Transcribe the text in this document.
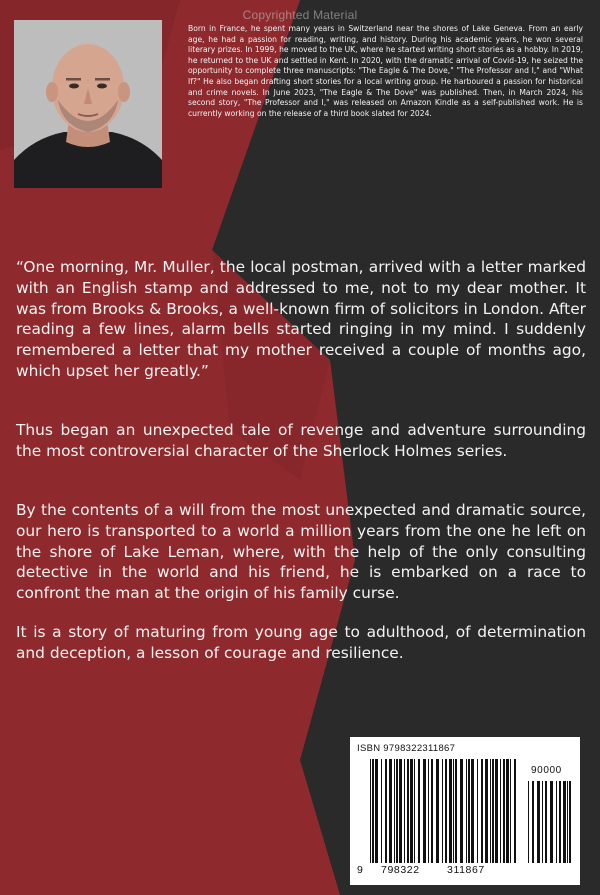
Copyrighted Material

Born in France, he spent many years in Switzerland near the shores of Lake Geneva. From an early age, he had a passion for reading, writing, and history. During his academic years, he won several literary prizes. In 1999, he moved to the UK, where he started writing short stories as a hobby. In 2019, he returned to the UK and settled in Kent. In 2020, with the dramatic arrival of Covid-19, he seized the opportunity to complete three manuscripts: "The Eagle & The Dove," "The Professor and I," and "What If?" He also began drafting short stories for a local writing group. He harboured a passion for historical and crime novels. In June 2023, "The Eagle & The Dove" was published. Then, in March 2024, his second story, "The Professor and I," was released on Amazon Kindle as a self-published work. He is currently working on the release of a third book slated for 2024.

“One morning, Mr. Muller, the local postman, arrived with a letter marked with an English stamp and addressed to me, not to my dear mother. It was from Brooks & Brooks, a well-known firm of solicitors in London. After reading a few lines, alarm bells started ringing in my mind. I suddenly remembered a letter that my mother received a couple of months ago, which upset her greatly.”

Thus began an unexpected tale of revenge and adventure surrounding the most controversial character of the Sherlock Holmes series.

By the contents of a will from the most unexpected and dramatic source, our hero is transported to a world a million years from the one he left on the shore of Lake Leman, where, with the help of the only consulting detective in the world and his friend, he is embarked on a race to confront the man at the origin of his family curse.

It is a story of maturing from young age to adulthood, of determination and deception, a lesson of courage and resilience.

ISBN 9798322311867
90000
9 798322	311867
